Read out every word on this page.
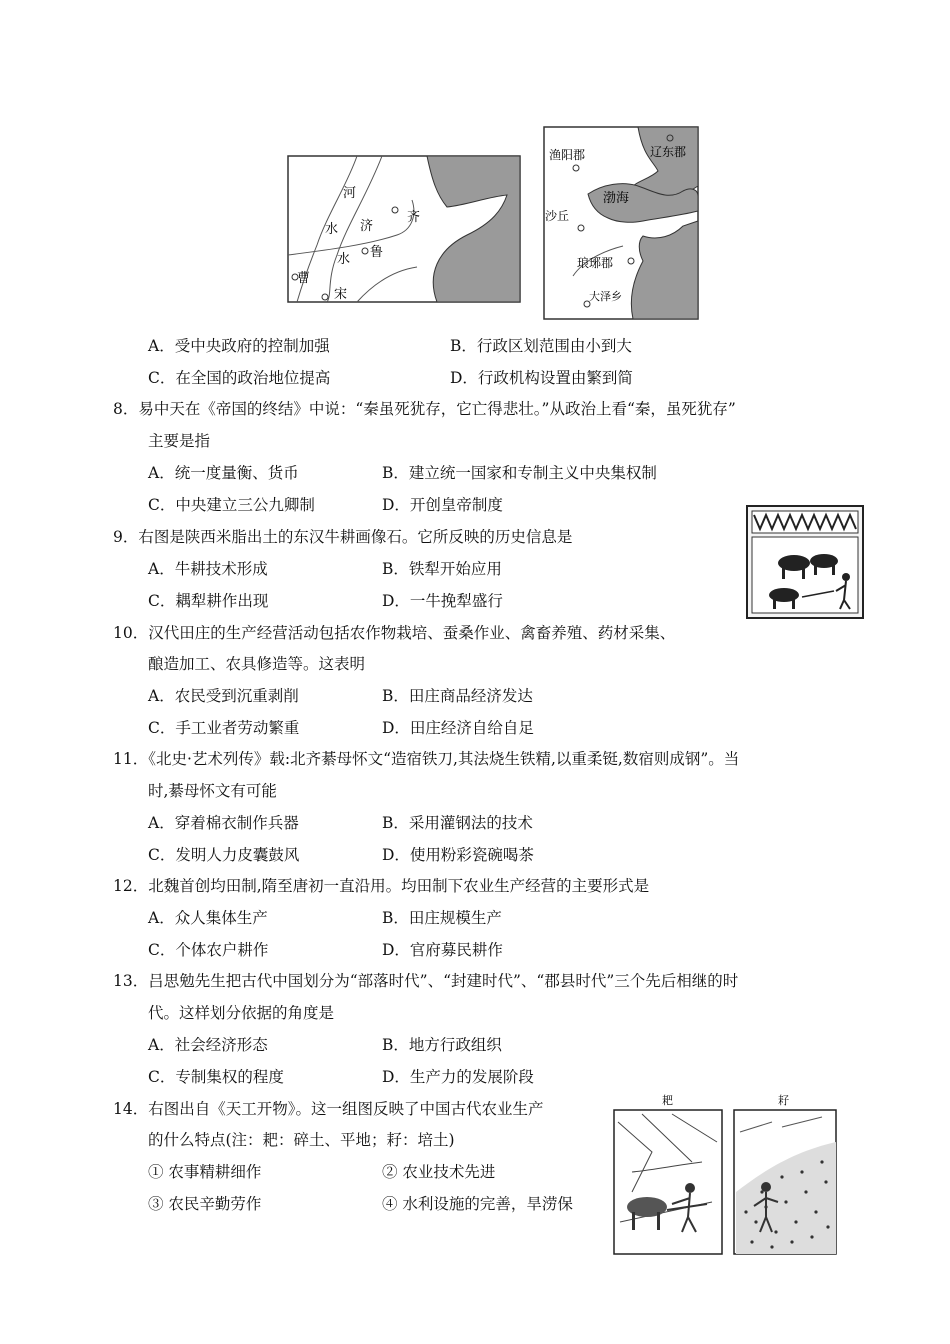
河
水 济
水
齐
鲁
曹
宋
渔阳郡	辽东郡
渤海
沙丘
琅琊郡
大泽乡
A．受中央政府的控制加强	B．行政区划范围由小到大
C．在全国的政治地位提高	D．行政机构设置由繁到简
8．易中天在《帝国的终结》中说：“秦虽死犹存，它亡得悲壮。”从政治上看“秦，虽死犹存”
主要是指
A．统一度量衡、货币	B．建立统一国家和专制主义中央集权制
C．中央建立三公九卿制	D．开创皇帝制度
9．右图是陕西米脂出土的东汉牛耕画像石。它所反映的历史信息是
A．牛耕技术形成	B．铁犁开始应用
C．耦犁耕作出现	D．一牛挽犁盛行
10．汉代田庄的生产经营活动包括农作物栽培、蚕桑作业、禽畜养殖、药材采集、
酿造加工、农具修造等。这表明
A．农民受到沉重剥削	B．田庄商品经济发达
C．手工业者劳动繁重	D．田庄经济自给自足
11．《北史·艺术列传》载:北齐綦母怀文“造宿铁刀,其法烧生铁精,以重柔铤,数宿则成钢”。当
时,綦母怀文有可能
A．穿着棉衣制作兵器	B．采用灌钢法的技术
C．发明人力皮囊鼓风	D．使用粉彩瓷碗喝茶
12．北魏首创均田制,隋至唐初一直沿用。均田制下农业生产经营的主要形式是
A．众人集体生产	B．田庄规模生产
C．个体农户耕作	D．官府募民耕作
13．吕思勉先生把古代中国划分为“部落时代”、“封建时代”、“郡县时代”三个先后相继的时
代。这样划分依据的角度是
A．社会经济形态	B．地方行政组织
C．专制集权的程度	D．生产力的发展阶段
14．右图出自《天工开物》。这一组图反映了中国古代农业生产
的什么特点(注：耙：碎土、平地；耔：培土)
① 农事精耕细作	② 农业技术先进
③ 农民辛勤劳作	④ 水利设施的完善，旱涝保
耙	耔
